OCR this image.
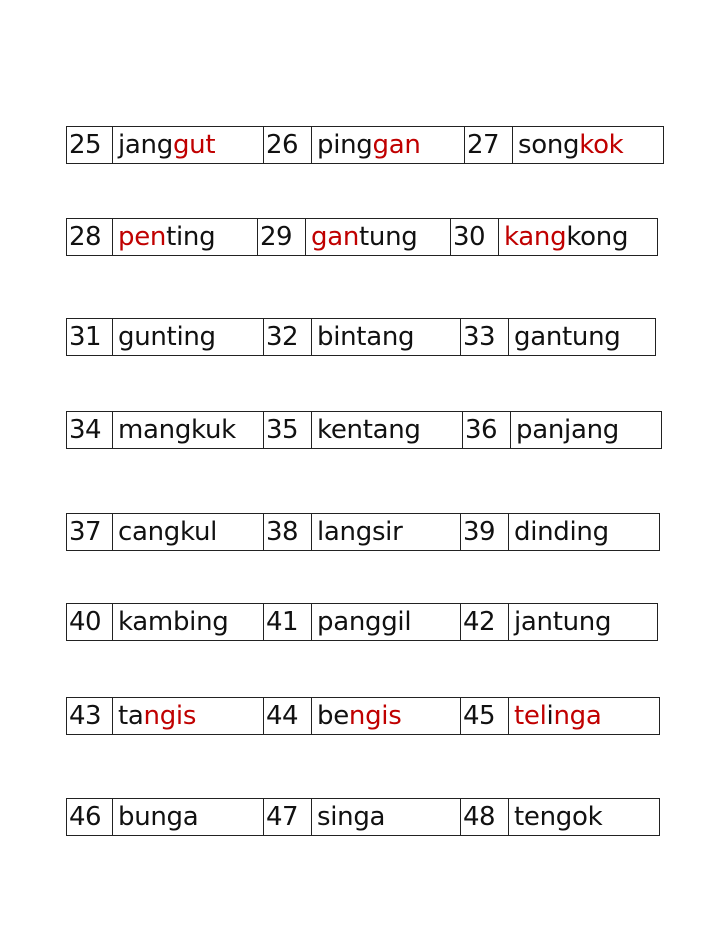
25 jang gut 26 ping gan 27 song kok
28 pen ting 29 gan tung 30 kang kong
31 gunting 32 bintang 33 gantung
34 mangkuk 35 kentang 36 panjang
37 cangkul 38 langsir 39 dinding
40 kambing 41 panggil 42 jantung
43 ta ngis	44 be ngis 45 tel i nga
46 bunga	47 singa	48 tengok
